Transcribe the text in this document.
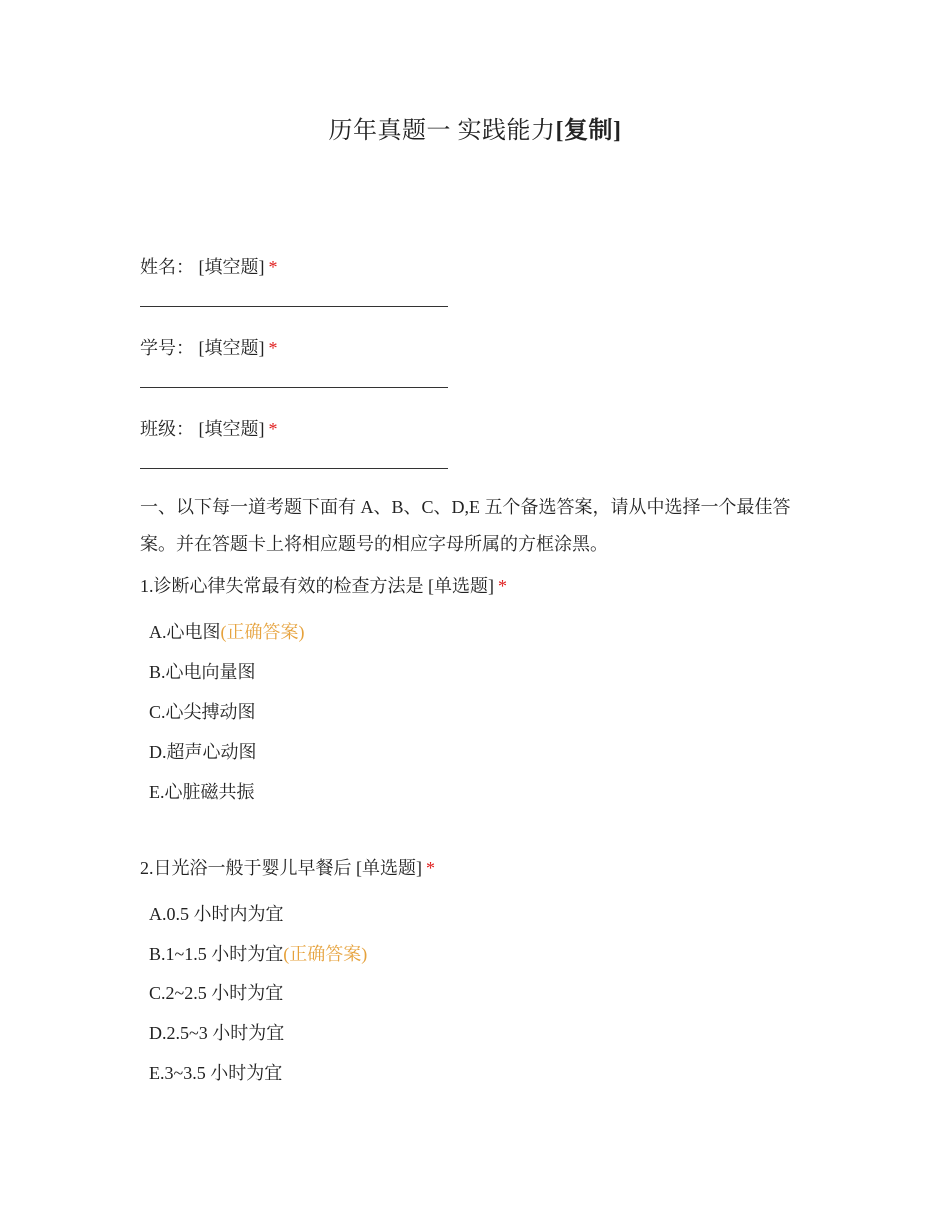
历年真题一 实践能力[复制]
姓名： [填空题] *
学号： [填空题] *
班级： [填空题] *
一、以下每一道考题下面有 A、B、C、D,E 五个备选答案，请从中选择一个最佳答案。并在答题卡上将相应题号的相应字母所属的方框涂黑。
1.诊断心律失常最有效的检查方法是 [单选题] *
A.心电图(正确答案)
B.心电向量图
C.心尖搏动图
D.超声心动图
E.心脏磁共振
2.日光浴一般于婴儿早餐后 [单选题] *
A.0.5 小时内为宜
B.1~1.5 小时为宜(正确答案)
C.2~2.5 小时为宜
D.2.5~3 小时为宜
E.3~3.5 小时为宜
